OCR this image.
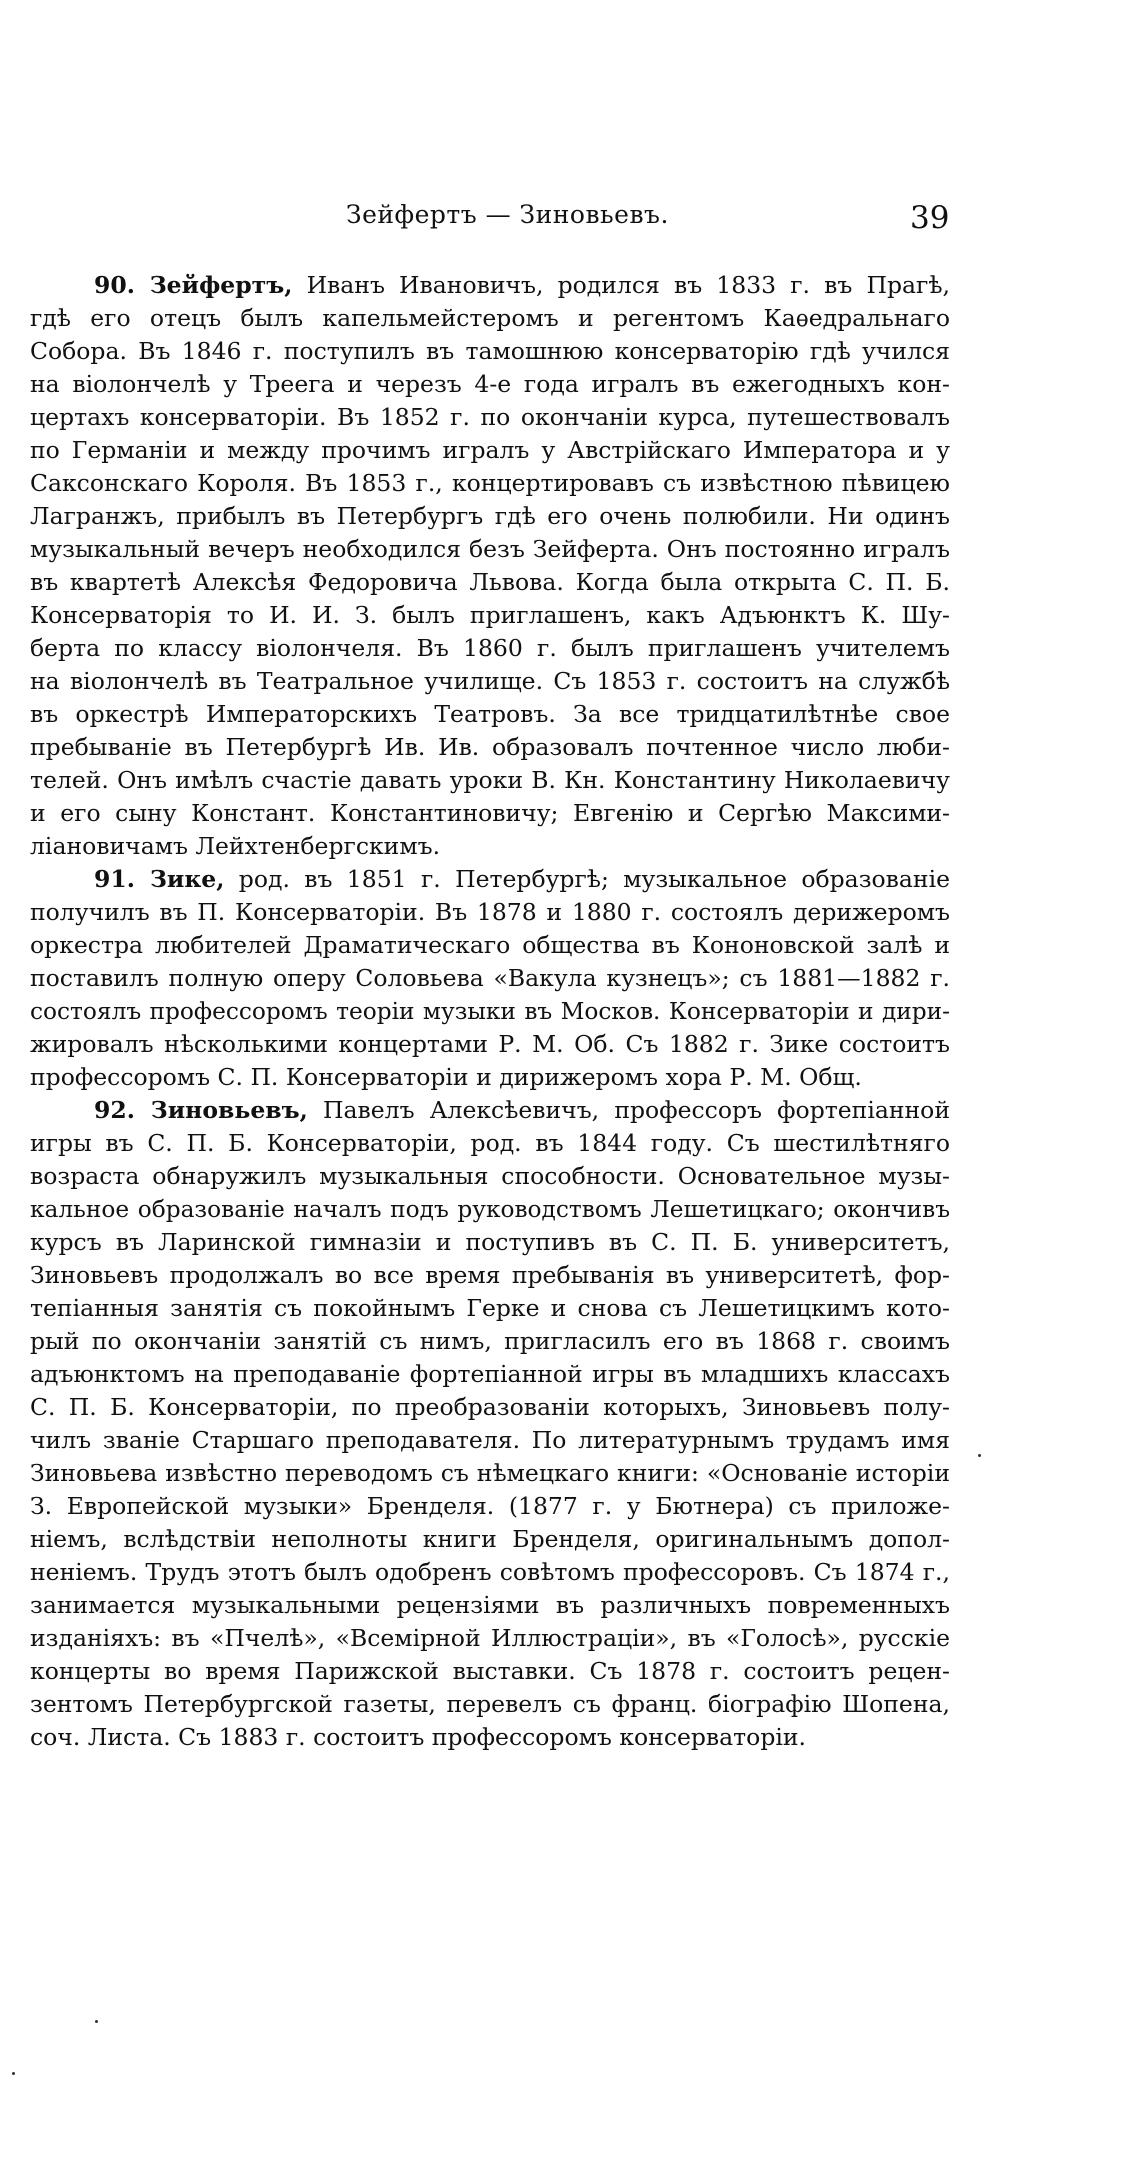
Зейфертъ — Зиновьевъ.	39
90. Зейфертъ, Иванъ Ивановичъ, родился въ 1833 г. въ Прагѣ,
гдѣ его отецъ былъ капельмейстеромъ и регентомъ Каѳедральнаго
Собора. Въ 1846 г. поступилъ въ тамошнюю консерваторію гдѣ учился
на віолончелѣ у Треега и черезъ 4-е года игралъ въ ежегодныхъ кон-
цертахъ консерваторіи. Въ 1852 г. по окончаніи курса, путешествовалъ
по Германіи и между прочимъ игралъ у Австрійскаго Императора и у
Саксонскаго Короля. Въ 1853 г., концертировавъ съ извѣстною пѣвицею
Лагранжъ, прибылъ въ Петербургъ гдѣ его очень полюбили. Ни одинъ
музыкальный вечеръ необходился безъ Зейферта. Онъ постоянно игралъ
въ квартетѣ Алексѣя Федоровича Львова. Когда была открыта С. П. Б.
Консерваторія то И. И. З. былъ приглашенъ, какъ Адъюнктъ К. Шу-
берта по классу віолончеля. Въ 1860 г. былъ приглашенъ учителемъ
на віолончелѣ въ Театральное училище. Съ 1853 г. состоитъ на службѣ
въ оркестрѣ Императорскихъ Театровъ. За все тридцатилѣтнѣе свое
пребываніе въ Петербургѣ Ив. Ив. образовалъ почтенное число люби-
телей. Онъ имѣлъ счастіе давать уроки В. Кн. Константину Николаевичу
и его сыну Констант. Константиновичу; Евгенію и Сергѣю Максими-
ліановичамъ Лейхтенбергскимъ.
91. Зике, род. въ 1851 г. Петербургѣ; музыкальное образованіе
получилъ въ П. Консерваторіи. Въ 1878 и 1880 г. состоялъ дерижеромъ
оркестра любителей Драматическаго общества въ Кононовской залѣ и
поставилъ полную оперу Соловьева «Вакула кузнецъ»; съ 1881—1882 г.
состоялъ профессоромъ теоріи музыки въ Москов. Консерваторіи и дири-
жировалъ нѣсколькими концертами Р. М. Об. Съ 1882 г. Зике состоитъ
профессоромъ С. П. Консерваторіи и дирижеромъ хора Р. М. Общ.
92. Зиновьевъ, Павелъ Алексѣевичъ, профессоръ фортепіанной
игры въ С. П. Б. Консерваторіи, род. въ 1844 году. Съ шестилѣтняго
возраста обнаружилъ музыкальныя способности. Основательное музы-
кальное образованіе началъ подъ руководствомъ Лешетицкаго; окончивъ
курсъ въ Ларинской гимназіи и поступивъ въ С. П. Б. университетъ,
Зиновьевъ продолжалъ во все время пребыванія въ университетѣ, фор-
тепіанныя занятія съ покойнымъ Герке и снова съ Лешетицкимъ кото-
рый по окончаніи занятій съ нимъ, пригласилъ его въ 1868 г. своимъ
адъюнктомъ на преподаваніе фортепіанной игры въ младшихъ классахъ
С. П. Б. Консерваторіи, по преобразованіи которыхъ, Зиновьевъ полу-
чилъ званіе Старшаго преподавателя. По литературнымъ трудамъ имя
Зиновьева извѣстно переводомъ съ нѣмецкаго книги: «Основаніе исторіи
З. Европейской музыки» Бренделя. (1877 г. у Бютнера) съ приложе-
ніемъ, вслѣдствіи неполноты книги Бренделя, оригинальнымъ допол-
неніемъ. Трудъ этотъ былъ одобренъ совѣтомъ профессоровъ. Съ 1874 г.,
занимается музыкальными рецензіями въ различныхъ повременныхъ
изданіяхъ: въ «Пчелѣ», «Всемірной Иллюстраціи», въ «Голосѣ», русскіе
концерты во время Парижской выставки. Съ 1878 г. состоитъ рецен-
зентомъ Петербургской газеты, перевелъ съ франц. біографію Шопена,
соч. Листа. Съ 1883 г. состоитъ профессоромъ консерваторіи.
